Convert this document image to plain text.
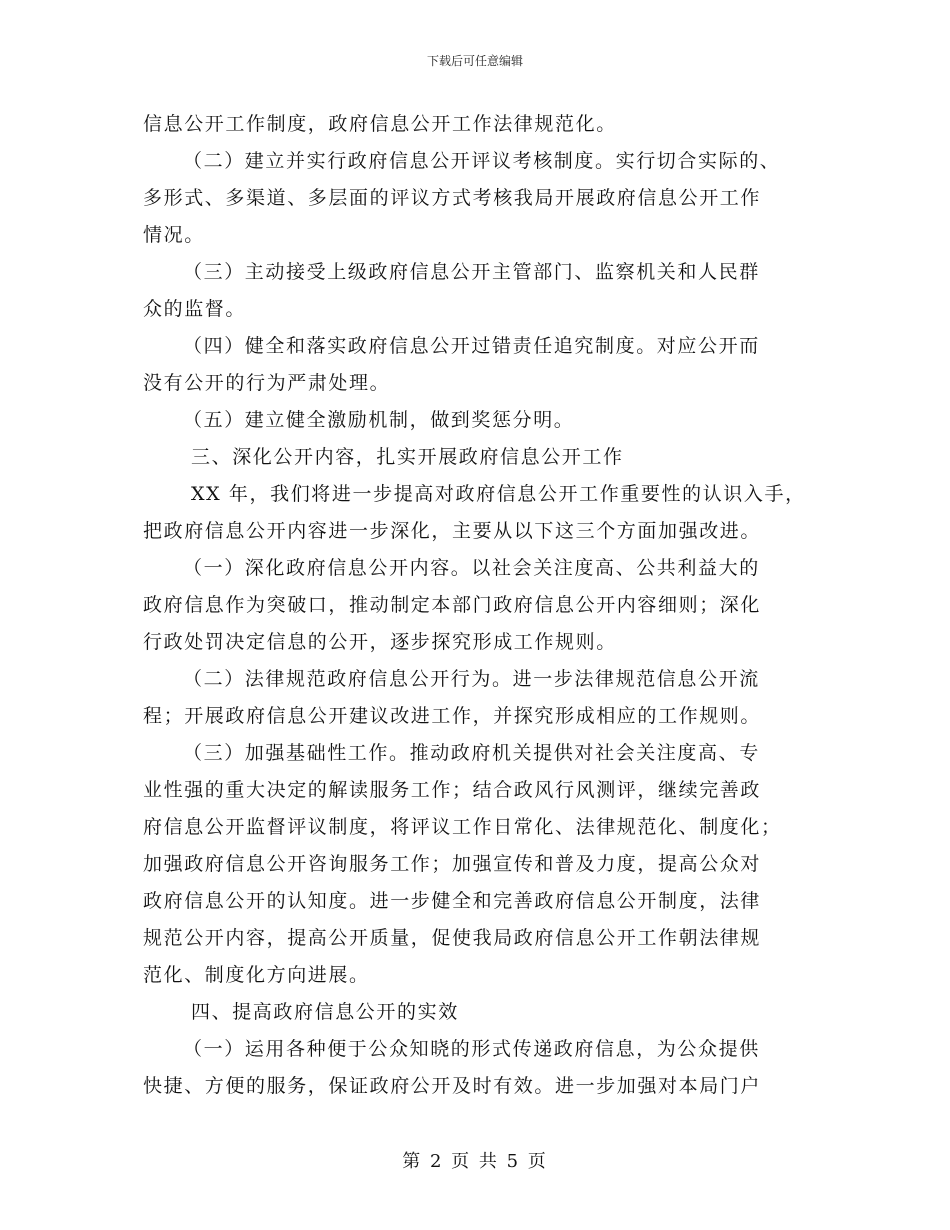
下载后可任意编辑
信息公开工作制度，政府信息公开工作法律规范化。
（二）建立并实行政府信息公开评议考核制度。实行切合实际的、
多形式、多渠道、多层面的评议方式考核我局开展政府信息公开工作
情况。
（三）主动接受上级政府信息公开主管部门、监察机关和人民群
众的监督。
（四）健全和落实政府信息公开过错责任追究制度。对应公开而
没有公开的行为严肃处理。
（五）建立健全激励机制，做到奖惩分明。
三、深化公开内容，扎实开展政府信息公开工作
XX 年，我们将进一步提高对政府信息公开工作重要性的认识入手，
把政府信息公开内容进一步深化，主要从以下这三个方面加强改进。
（一）深化政府信息公开内容。以社会关注度高、公共利益大的
政府信息作为突破口，推动制定本部门政府信息公开内容细则；深化
行政处罚决定信息的公开，逐步探究形成工作规则。
（二）法律规范政府信息公开行为。进一步法律规范信息公开流
程；开展政府信息公开建议改进工作，并探究形成相应的工作规则。
（三）加强基础性工作。推动政府机关提供对社会关注度高、专
业性强的重大决定的解读服务工作；结合政风行风测评，继续完善政
府信息公开监督评议制度，将评议工作日常化、法律规范化、制度化；
加强政府信息公开咨询服务工作；加强宣传和普及力度，提高公众对
政府信息公开的认知度。进一步健全和完善政府信息公开制度，法律
规范公开内容，提高公开质量，促使我局政府信息公开工作朝法律规
范化、制度化方向进展。
四、提高政府信息公开的实效
（一）运用各种便于公众知晓的形式传递政府信息，为公众提供
快捷、方便的服务，保证政府公开及时有效。进一步加强对本局门户
第 2 页 共 5 页
